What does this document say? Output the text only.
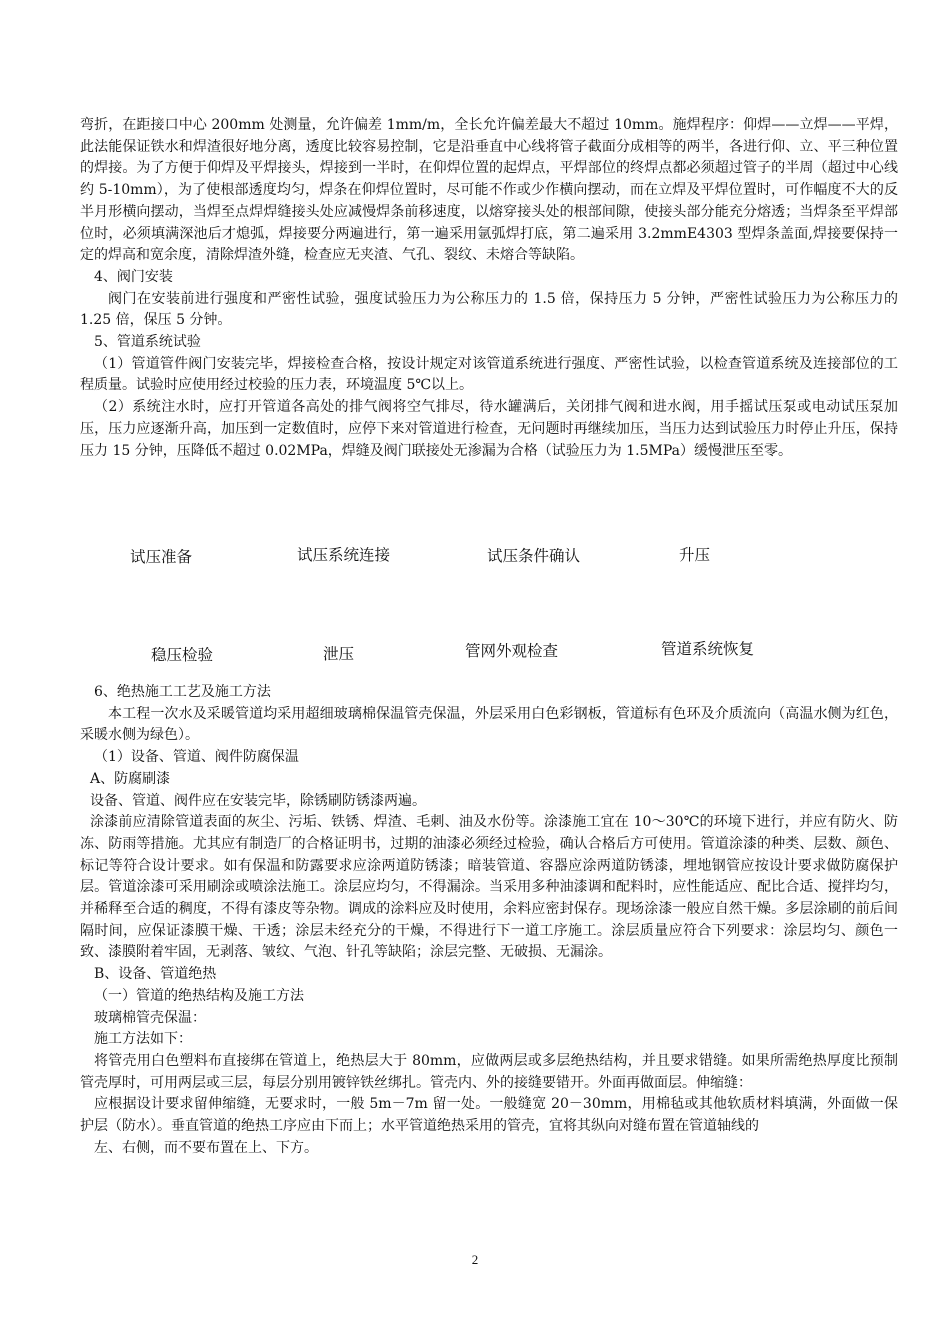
弯折，在距接口中心 200mm 处测量，允许偏差 1mm/m，全长允许偏差最大不超过 10mm。施焊程序：仰焊——立焊——平焊，此法能保证铁水和焊渣很好地分离，透度比较容易控制，它是沿垂直中心线将管子截面分成相等的两半，各进行仰、立、平三种位置的焊接。为了方便于仰焊及平焊接头，焊接到一半时，在仰焊位置的起焊点，平焊部位的终焊点都必须超过管子的半周（超过中心线约 5-10mm），为了使根部透度均匀，焊条在仰焊位置时，尽可能不作或少作横向摆动，而在立焊及平焊位置时，可作幅度不大的反半月形横向摆动，当焊至点焊焊缝接头处应减慢焊条前移速度，以熔穿接头处的根部间隙，使接头部分能充分熔透；当焊条至平焊部位时，必须填满深池后才熄弧，焊接要分两遍进行，第一遍采用氩弧焊打底，第二遍采用 3.2mmE4303 型焊条盖面,焊接要保持一定的焊高和宽余度，清除焊渣外缝，检查应无夹渣、气孔、裂纹、未熔合等缺陷。

4、阀门安装

阀门在安装前进行强度和严密性试验，强度试验压力为公称压力的 1.5 倍，保持压力 5 分钟，严密性试验压力为公称压力的 1.25 倍，保压 5 分钟。

5、管道系统试验

（1）管道管件阀门安装完毕，焊接检查合格，按设计规定对该管道系统进行强度、严密性试验，以检查管道系统及连接部位的工程质量。试验时应使用经过校验的压力表，环境温度 5℃以上。

（2）系统注水时，应打开管道各高处的排气阀将空气排尽，待水罐满后，关闭排气阀和进水阀，用手摇试压泵或电动试压泵加压，压力应逐渐升高，加压到一定数值时，应停下来对管道进行检查，无问题时再继续加压，当压力达到试验压力时停止升压，保持压力 15 分钟，压降低不超过 0.02MPa，焊缝及阀门联接处无渗漏为合格（试验压力为 1.5MPa）缓慢泄压至零。

试压准备	试压系统连接	试压条件确认	升压
稳压检验	泄压	管网外观检查	管道系统恢复

6、绝热施工工艺及施工方法

本工程一次水及采暖管道均采用超细玻璃棉保温管壳保温，外层采用白色彩钢板，管道标有色环及介质流向（高温水侧为红色，采暖水侧为绿色）。

（1）设备、管道、阀件防腐保温

A、防腐刷漆

设备、管道、阀件应在安装完毕，除锈刷防锈漆两遍。

涂漆前应清除管道表面的灰尘、污垢、铁锈、焊渣、毛刺、油及水份等。涂漆施工宜在 10～30℃的环境下进行，并应有防火、防冻、防雨等措施。尤其应有制造厂的合格证明书，过期的油漆必须经过检验，确认合格后方可使用。管道涂漆的种类、层数、颜色、标记等符合设计要求。如有保温和防露要求应涂两道防锈漆；暗装管道、容器应涂两道防锈漆，埋地钢管应按设计要求做防腐保护层。管道涂漆可采用刷涂或喷涂法施工。涂层应均匀，不得漏涂。当采用多种油漆调和配料时，应性能适应、配比合适、搅拌均匀，并稀释至合适的稠度，不得有漆皮等杂物。调成的涂料应及时使用，余料应密封保存。现场涂漆一般应自然干燥。多层涂刷的前后间隔时间，应保证漆膜干燥、干透；涂层未经充分的干燥，不得进行下一道工序施工。涂层质量应符合下列要求：涂层均匀、颜色一致、漆膜附着牢固，无剥落、皱纹、气泡、针孔等缺陷；涂层完整、无破损、无漏涂。

B、设备、管道绝热

（一）管道的绝热结构及施工方法

玻璃棉管壳保温：

施工方法如下：

将管壳用白色塑料布直接绑在管道上，绝热层大于 80mm，应做两层或多层绝热结构，并且要求错缝。如果所需绝热厚度比预制管壳厚时，可用两层或三层，每层分别用镀锌铁丝绑扎。管壳内、外的接缝要错开。外面再做面层。伸缩缝：

应根据设计要求留伸缩缝，无要求时，一般 5m－7m 留一处。一般缝宽 20－30mm，用棉毡或其他软质材料填满，外面做一保护层（防水）。垂直管道的绝热工序应由下而上；水平管道绝热采用的管壳，宜将其纵向对缝布置在管道轴线的

左、右侧，而不要布置在上、下方。

2
